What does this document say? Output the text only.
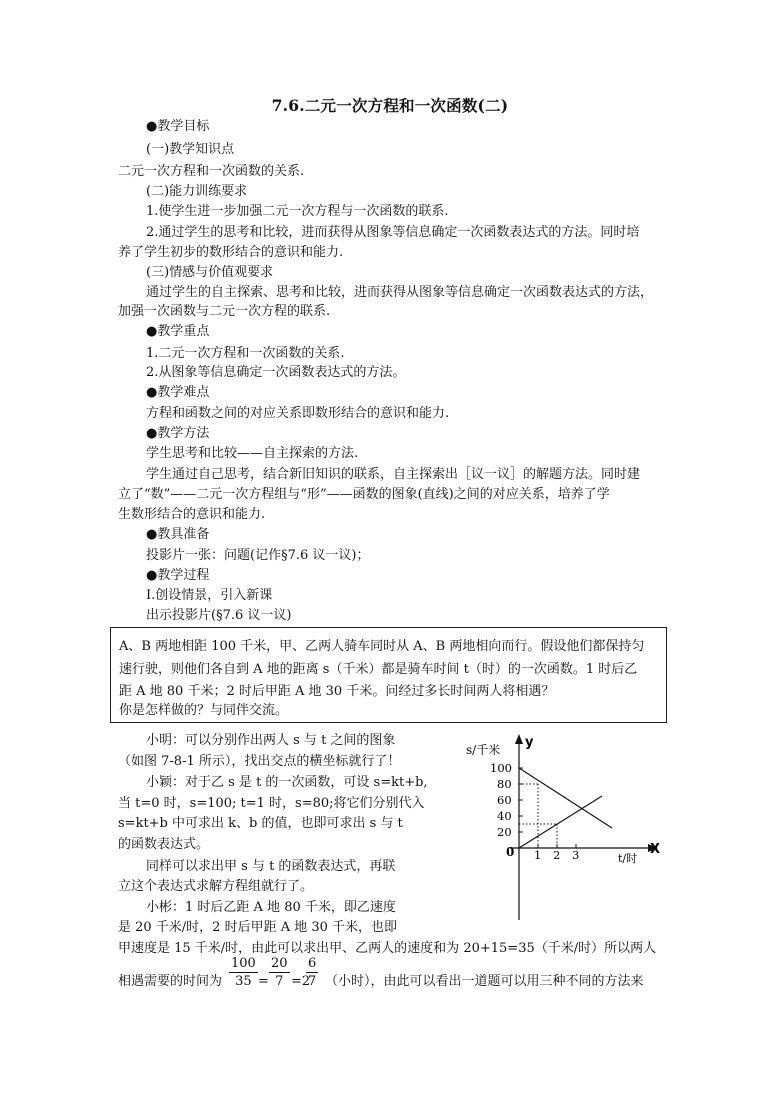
7.6.二元一次方程和一次函数(二)
●教学目标
(一)教学知识点
二元一次方程和一次函数的关系.
(二)能力训练要求
1.使学生进一步加强二元一次方程与一次函数的联系.
2.通过学生的思考和比较，进而获得从图象等信息确定一次函数表达式的方法。同时培
养了学生初步的数形结合的意识和能力.
(三)情感与价值观要求
通过学生的自主探索、思考和比较，进而获得从图象等信息确定一次函数表达式的方法，
加强一次函数与二元一次方程的联系.
●教学重点
1.二元一次方程和一次函数的关系.
2.从图象等信息确定一次函数表达式的方法。
●教学难点
方程和函数之间的对应关系即数形结合的意识和能力.
●教学方法
学生思考和比较——自主探索的方法.
学生通过自己思考，结合新旧知识的联系，自主探索出［议一议］的解题方法。同时建
立了“数”——二元一次方程组与“形”——函数的图象(直线)之间的对应关系，培养了学
生数形结合的意识和能力.
●教具准备
投影片一张：问题(记作§7.6 议一议)；
●教学过程
Ⅰ.创设情景，引入新课
出示投影片(§7.6 议一议)
A、B 两地相距 100 千米，甲、乙两人骑车同时从 A、B 两地相向而行。假设他们都保持匀
速行驶，则他们各自到 A 地的距离 s（千米）都是骑车时间 t（时）的一次函数。1 时后乙
距 A 地 80 千米；2 时后甲距 A 地 30 千米。问经过多长时间两人将相遇？
你是怎样做的？与同伴交流。
小明：可以分别作出两人 s 与 t 之间的图象
（如图 7-8-1 所示），找出交点的横坐标就行了！
小颖：对于乙 s 是 t 的一次函数，可设 s=kt+b,
当 t=0 时，s=100; t=1 时，s=80;将它们分别代入
s=kt+b 中可求出 k、b 的值，也即可求出 s 与 t
的函数表达式。
同样可以求出甲 s 与 t 的函数表达式，再联
立这个表达式求解方程组就行了。
小彬：1 时后乙距 A 地 80 千米，即乙速度
是 20 千米/时，2 时后甲距 A 地 30 千米，也即
甲速度是 15 千米/时，由此可以求出甲、乙两人的速度和为 20+15=35（千米/时）所以两人
相遇需要的时间为 $\frac{100}{35} = \frac{20}{7} =2$
$\frac{6}{7}$ （小时），由此可以看出一道题可以用三种不同的方法来
s/千米 y
X
t/时
0
100
80
60
40
20
1 2 3
